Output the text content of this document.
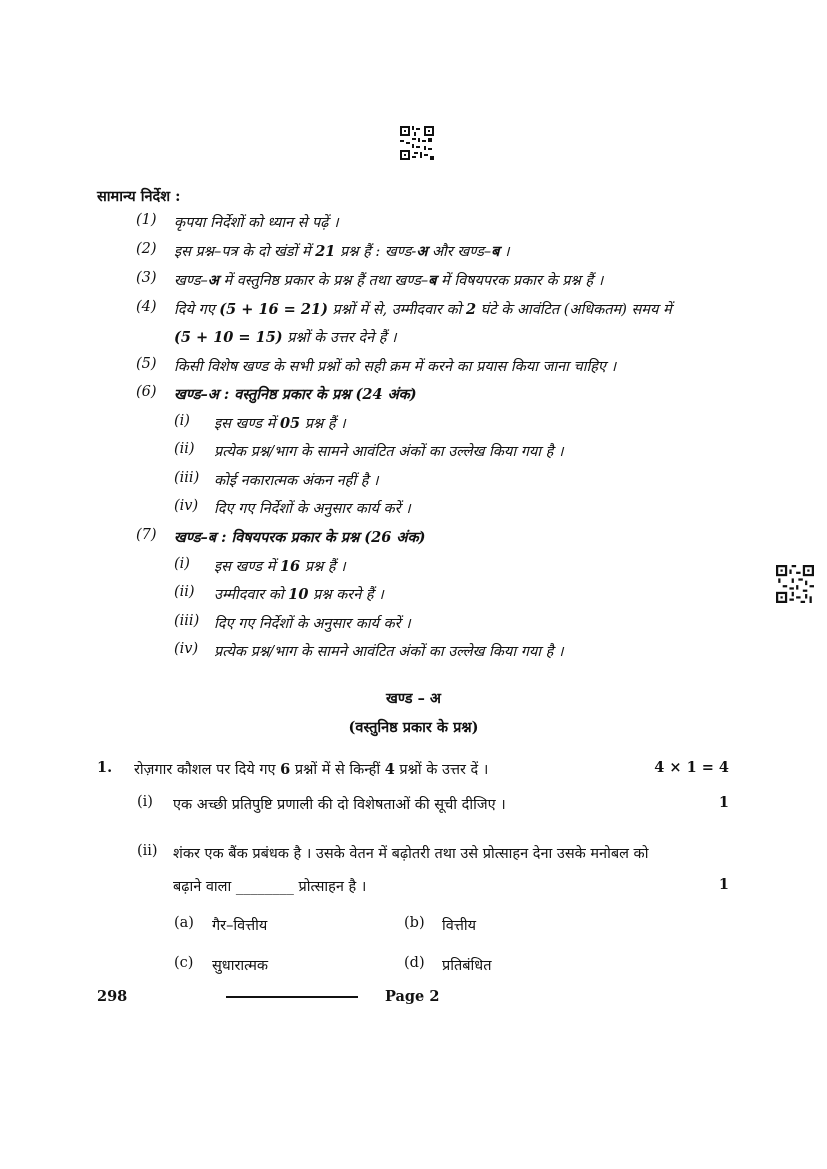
सामान्य निर्देश :
(1) कृपया निर्देशों को ध्यान से पढ़ें ।
(2) इस प्रश्न–पत्र के दो खंडों में 21 प्रश्न हैं : खण्ड-अ और खण्ड–ब ।
(3) खण्ड–अ में वस्तुनिष्ठ प्रकार के प्रश्न हैं तथा खण्ड–ब में विषयपरक प्रकार के प्रश्न हैं ।
(4) दिये गए (5 + 16 = 21) प्रश्नों में से, उम्मीदवार को 2 घंटे के आवंटित (अधिकतम) समय में
(5 + 10 = 15) प्रश्नों के उत्तर देने हैं ।
(5) किसी विशेष खण्ड के सभी प्रश्नों को सही क्रम में करने का प्रयास किया जाना चाहिए ।
(6) खण्ड–अ : वस्तुनिष्ठ प्रकार के प्रश्न (24 अंक)
(i) इस खण्ड में 05 प्रश्न हैं ।
(ii) प्रत्येक प्रश्न/भाग के सामने आवंटित अंकों का उल्लेख किया गया है ।
(iii) कोई नकारात्मक अंकन नहीं है ।
(iv) दिए गए निर्देशों के अनुसार कार्य करें ।
(7) खण्ड–ब : विषयपरक प्रकार के प्रश्न (26 अंक)
(i) इस खण्ड में 16 प्रश्न हैं ।
(ii) उम्मीदवार को 10 प्रश्न करने हैं ।
(iii) दिए गए निर्देशों के अनुसार कार्य करें ।
(iv) प्रत्येक प्रश्न/भाग के सामने आवंटित अंकों का उल्लेख किया गया है ।
खण्ड – अ
(वस्तुनिष्ठ प्रकार के प्रश्न)
1. रोज़गार कौशल पर दिये गए 6 प्रश्नों में से किन्हीं 4 प्रश्नों के उत्तर दें ।	4 × 1 = 4
(i) एक अच्छी प्रतिपुष्टि प्रणाली की दो विशेषताओं की सूची दीजिए ।	1
(ii) शंकर एक बैंक प्रबंधक है । उसके वेतन में बढ़ोतरी तथा उसे प्रोत्साहन देना उसके मनोबल को
बढ़ाने वाला ________ प्रोत्साहन है ।	1
(a) गैर–वित्तीय	(b) वित्तीय
(c) सुधारात्मक	(d) प्रतिबंधित
298	Page 2
